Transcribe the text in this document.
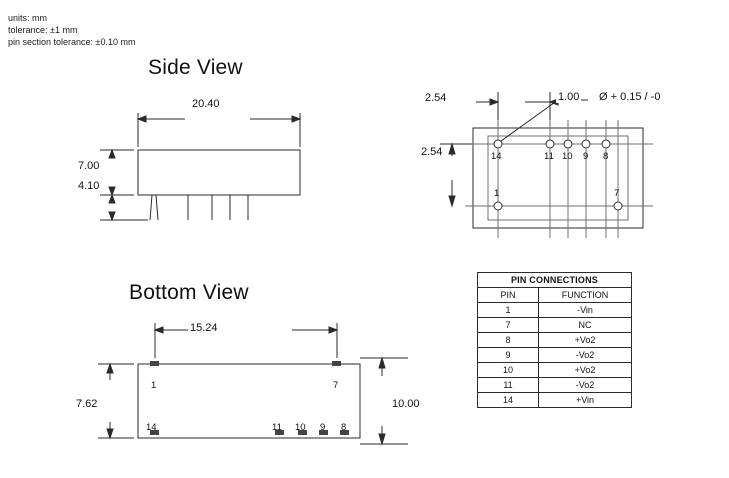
units: mm
tolerance: ±1 mm
pin section tolerance: ±0.10 mm
Side View
20.40
7.00
4.10
Bottom View
15.24
7.62	10.00
1	7
14	11 10 9 8
2.54
2.54
1.00 Ø + 0.15 / -0
14	11 10 9 8
1	7
PIN CONNECTIONS	
PIN	FUNCTION
1	-Vin
7	NC
8	+Vo2
9	-Vo2
10	+Vo2
11	-Vo2
14	+Vin
